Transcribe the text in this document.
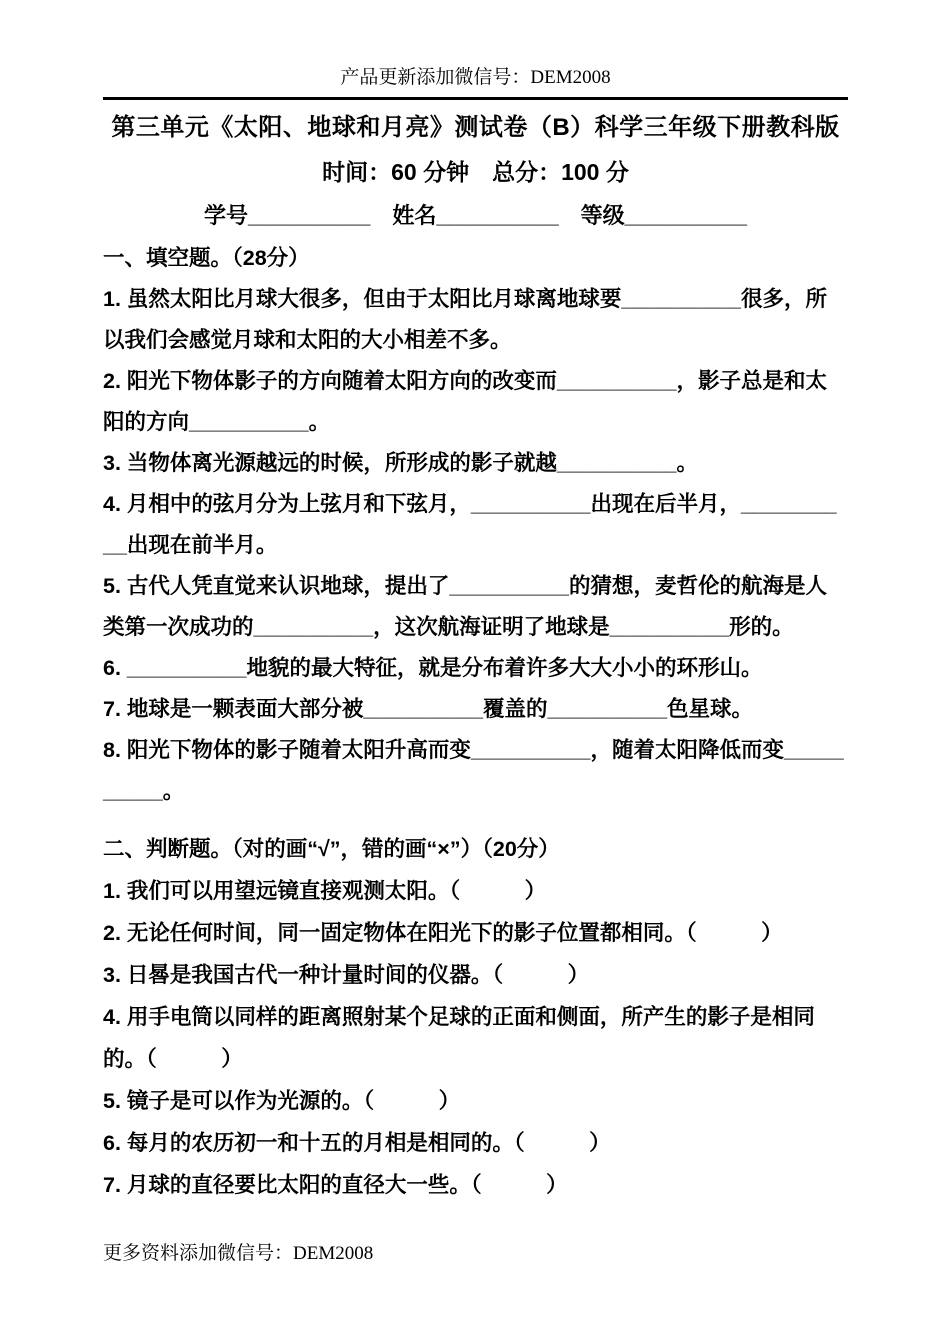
产品更新添加微信号：DEM2008
第三单元《太阳、地球和月亮》测试卷（B）科学三年级下册教科版
时间：60 分钟　总分：100 分
学号__________　姓名__________　等级__________

一、填空题。（28分）

1. 虽然太阳比月球大很多，但由于太阳比月球离地球要__________很多，所以我们会感觉月球和太阳的大小相差不多。

2. 阳光下物体影子的方向随着太阳方向的改变而__________，影子总是和太阳的方向__________。

3. 当物体离光源越远的时候，所形成的影子就越__________。

4. 月相中的弦月分为上弦月和下弦月，__________出现在后半月，__________出现在前半月。

5. 古代人凭直觉来认识地球，提出了__________的猜想，麦哲伦的航海是人类第一次成功的__________，这次航海证明了地球是__________形的。

6. __________地貌的最大特征，就是分布着许多大大小小的环形山。

7. 地球是一颗表面大部分被__________覆盖的__________色星球。

8. 阳光下物体的影子随着太阳升高而变__________，随着太阳降低而变__________。

二、判断题。（对的画“√”，错的画“×”）（20分）

1. 我们可以用望远镜直接观测太阳。（　　　）

2. 无论任何时间，同一固定物体在阳光下的影子位置都相同。（　　　）

3. 日晷是我国古代一种计量时间的仪器。（　　　）

4. 用手电筒以同样的距离照射某个足球的正面和侧面，所产生的影子是相同的。（　　　）

5. 镜子是可以作为光源的。（　　　）

6. 每月的农历初一和十五的月相是相同的。（　　　）

7. 月球的直径要比太阳的直径大一些。（　　　）

更多资料添加微信号：DEM2008
